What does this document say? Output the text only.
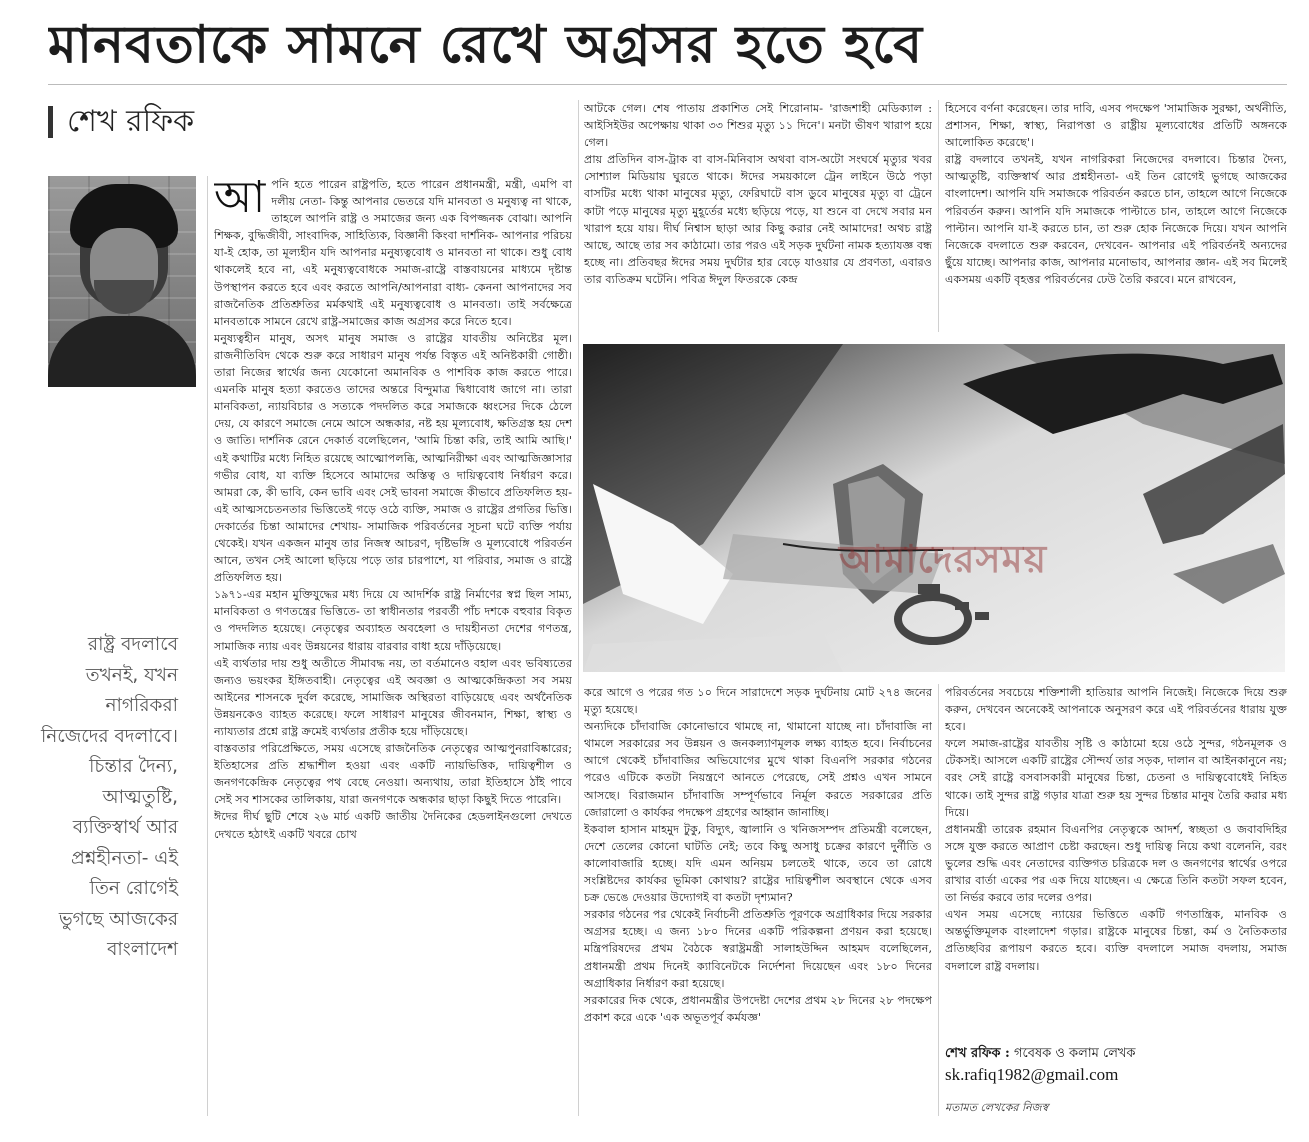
মানবতাকে সামনে রেখে অগ্রসর হতে হবে
শেখ রফিক
রাষ্ট্র বদলাবে তখনই, যখন নাগরিকরা নিজেদের বদলাবে। চিন্তার দৈন্য, আত্মতুষ্টি, ব্যক্তিস্বার্থ আর প্রশ্নহীনতা- এই তিন রোগেই ভুগছে আজকের বাংলাদেশ
আ পনি হতে পারেন রাষ্ট্রপতি, হতে পারেন প্রধানমন্ত্রী, মন্ত্রী, এমপি বা দলীয় নেতা- কিন্তু আপনার ভেতরে যদি মানবতা ও মনুষ্যত্ব না থাকে, তাহলে আপনি রাষ্ট্র ও সমাজের জন্য এক বিপজ্জনক বোঝা। আপনি শিক্ষক, বুদ্ধিজীবী, সাংবাদিক, সাহিত্যিক, বিজ্ঞানী কিংবা দার্শনিক- আপনার পরিচয় যা-ই হোক, তা মূল্যহীন যদি আপনার মনুষ্যত্ববোধ ও মানবতা না থাকে। শুধু বোধ থাকলেই হবে না, এই মনুষ্যত্ববোধকে সমাজ-রাষ্ট্রে বাস্তবায়নের মাধ্যমে দৃষ্টান্ত উপস্থাপন করতে হবে এবং করতে আপনি/আপনারা বাধ্য- কেননা আপনাদের সব রাজনৈতিক প্রতিশ্রুতির মর্মকথাই এই মনুষ্যত্ববোধ ও মানবতা। তাই সর্বক্ষেত্রে মানবতাকে সামনে রেখে রাষ্ট্র-সমাজের কাজ অগ্রসর করে নিতে হবে।

মনুষ্যত্বহীন মানুষ, অসৎ মানুষ সমাজ ও রাষ্ট্রের যাবতীয় অনিষ্টের মূল। রাজনীতিবিদ থেকে শুরু করে সাধারণ মানুষ পর্যন্ত বিস্তৃত এই অনিষ্টকারী গোষ্ঠী। তারা নিজের স্বার্থের জন্য যেকোনো অমানবিক ও পাশবিক কাজ করতে পারে। এমনকি মানুষ হত্যা করতেও তাদের অন্তরে বিন্দুমাত্র দ্বিধাবোধ জাগে না। তারা মানবিকতা, ন্যায়বিচার ও সত্যকে পদদলিত করে সমাজকে ধ্বংসের দিকে ঠেলে দেয়, যে কারণে সমাজে নেমে আসে অন্ধকার, নষ্ট হয় মূল্যবোধ, ক্ষতিগ্রস্ত হয় দেশ ও জাতি। দার্শনিক রেনে দেকার্ত বলেছিলেন, 'আমি চিন্তা করি, তাই আমি আছি।' এই কথাটির মধ্যে নিহিত রয়েছে আত্মোপলব্ধি, আত্মনিরীক্ষা এবং আত্মজিজ্ঞাসার গভীর বোধ, যা ব্যক্তি হিসেবে আমাদের অস্তিত্ব ও দায়িত্ববোধ নির্ধারণ করে। আমরা কে, কী ভাবি, কেন ভাবি এবং সেই ভাবনা সমাজে কীভাবে প্রতিফলিত হয়- এই আত্মসচেতনতার ভিত্তিতেই গড়ে ওঠে ব্যক্তি, সমাজ ও রাষ্ট্রের প্রগতির ভিত্তি। দেকার্তের চিন্তা আমাদের শেখায়- সামাজিক পরিবর্তনের সূচনা ঘটে ব্যক্তি পর্যায় থেকেই। যখন একজন মানুষ তার নিজস্ব আচরণ, দৃষ্টিভঙ্গি ও মূল্যবোধে পরিবর্তন আনে, তখন সেই আলো ছড়িয়ে পড়ে তার চারপাশে, যা পরিবার, সমাজ ও রাষ্ট্রে প্রতিফলিত হয়।

১৯৭১-এর মহান মুক্তিযুদ্ধের মধ্য দিয়ে যে আদর্শিক রাষ্ট্র নির্মাণের স্বপ্ন ছিল সাম্য, মানবিকতা ও গণতন্ত্রের ভিত্তিতে- তা স্বাধীনতার পরবর্তী পাঁচ দশকে বহুবার বিকৃত ও পদদলিত হয়েছে। নেতৃত্বের অব্যাহত অবহেলা ও দায়হীনতা দেশের গণতন্ত্র, সামাজিক ন্যায় এবং উন্নয়নের ধারায় বারবার বাধা হয়ে দাঁড়িয়েছে।

এই ব্যর্থতার দায় শুধু অতীতে সীমাবদ্ধ নয়, তা বর্তমানেও বহাল এবং ভবিষ্যতের জন্যও ভয়ংকর ইঙ্গিতবাহী। নেতৃত্বের এই অবজ্ঞা ও আত্মকেন্দ্রিকতা সব সময় আইনের শাসনকে দুর্বল করেছে, সামাজিক অস্থিরতা বাড়িয়েছে এবং অর্থনৈতিক উন্নয়নকেও ব্যাহত করেছে। ফলে সাধারণ মানুষের জীবনমান, শিক্ষা, স্বাস্থ্য ও ন্যায্যতার প্রশ্নে রাষ্ট্র ক্রমেই ব্যর্থতার প্রতীক হয়ে দাঁড়িয়েছে।

বাস্তবতার পরিপ্রেক্ষিতে, সময় এসেছে রাজনৈতিক নেতৃত্বের আত্মপুনরাবিষ্কারের; ইতিহাসের প্রতি শ্রদ্ধাশীল হওয়া এবং একটি ন্যায়ভিত্তিক, দায়িত্বশীল ও জনগণকেন্দ্রিক নেতৃত্বের পথ বেছে নেওয়া। অন্যথায়, তারা ইতিহাসে ঠাঁই পাবে সেই সব শাসকের তালিকায়, যারা জনগণকে অন্ধকার ছাড়া কিছুই দিতে পারেনি।

ঈদের দীর্ঘ ছুটি শেষে ২৬ মার্চ একটি জাতীয় দৈনিকের হেডলাইনগুলো দেখতে দেখতে হঠাৎই একটি খবরে চোখ

আটকে গেল। শেষ পাতায় প্রকাশিত সেই শিরোনাম- 'রাজশাহী মেডিক্যাল : আইসিইউর অপেক্ষায় থাকা ৩৩ শিশুর মৃত্যু ১১ দিনে'। মনটা ভীষণ খারাপ হয়ে গেল।

প্রায় প্রতিদিন বাস-ট্রাক বা বাস-মিনিবাস অথবা বাস-অটো সংঘর্ষে মৃত্যুর খবর সোশ্যাল মিডিয়ায় ঘুরতে থাকে। ঈদের সময়কালে ট্রেন লাইনে উঠে পড়া বাসটির মধ্যে থাকা মানুষের মৃত্যু, ফেরিঘাটে বাস ডুবে মানুষের মৃত্যু বা ট্রেনে কাটা পড়ে মানুষের মৃত্যু মুহূর্তের মধ্যে ছড়িয়ে পড়ে, যা শুনে বা দেখে সবার মন খারাপ হয়ে যায়। দীর্ঘ নিশ্বাস ছাড়া আর কিছু করার নেই আমাদের! অথচ রাষ্ট্র আছে, আছে তার সব কাঠামো। তার পরও এই সড়ক দুর্ঘটনা নামক হত্যাযজ্ঞ বন্ধ হচ্ছে না। প্রতিবছর ঈদের সময় দুর্ঘটার হার বেড়ে যাওয়ার যে প্রবণতা, এবারও তার ব্যতিক্রম ঘটেনি। পবিত্র ঈদুল ফিতরকে কেন্দ্র

হিসেবে বর্ণনা করেছেন। তার দাবি, এসব পদক্ষেপ 'সামাজিক সুরক্ষা, অর্থনীতি, প্রশাসন, শিক্ষা, স্বাস্থ্য, নিরাপত্তা ও রাষ্ট্রীয় মূল্যবোধের প্রতিটি অঙ্গনকে আলোকিত করেছে'।

রাষ্ট্র বদলাবে তখনই, যখন নাগরিকরা নিজেদের বদলাবে। চিন্তার দৈন্য, আত্মতুষ্টি, ব্যক্তিস্বার্থ আর প্রশ্নহীনতা- এই তিন রোগেই ভুগছে আজকের বাংলাদেশ। আপনি যদি সমাজকে পরিবর্তন করতে চান, তাহলে আগে নিজেকে পরিবর্তন করুন। আপনি যদি সমাজকে পাল্টাতে চান, তাহলে আগে নিজেকে পাল্টান। আপনি যা-ই করতে চান, তা শুরু হোক নিজেকে দিয়ে। যখন আপনি নিজেকে বদলাতে শুরু করবেন, দেখবেন- আপনার এই পরিবর্তনই অন্যদের ছুঁয়ে যাচ্ছে। আপনার কাজ, আপনার মনোভাব, আপনার জ্ঞান- এই সব মিলেই একসময় একটি বৃহত্তর পরিবর্তনের ঢেউ তৈরি করবে। মনে রাখবেন,

আমাদেরসময়

করে আগে ও পরের গত ১০ দিনে সারাদেশে সড়ক দুর্ঘটনায় মোট ২৭৪ জনের মৃত্যু হয়েছে।

অন্যদিকে চাঁদাবাজি কোনোভাবে থামছে না, থামানো যাচ্ছে না। চাঁদাবাজি না থামলে সরকারের সব উন্নয়ন ও জনকল্যাণমূলক লক্ষ্য ব্যাহত হবে। নির্বাচনের আগে থেকেই চাঁদাবাজির অভিযোগের মুখে থাকা বিএনপি সরকার গঠনের পরেও এটিকে কতটা নিয়ন্ত্রণে আনতে পেরেছে, সেই প্রশ্নও এখন সামনে আসছে। বিরাজমান চাঁদাবাজি সম্পূর্ণভাবে নির্মূল করতে সরকারের প্রতি জোরালো ও কার্যকর পদক্ষেপ গ্রহণের আহ্বান জানাচ্ছি।

ইকবাল হাসান মাহমুদ টুকু, বিদ্যুৎ, জ্বালানি ও খনিজসম্পদ প্রতিমন্ত্রী বলেছেন, দেশে তেলের কোনো ঘাটতি নেই; তবে কিছু অসাধু চক্রের কারণে দুর্নীতি ও কালোবাজারি হচ্ছে। যদি এমন অনিয়ম চলতেই থাকে, তবে তা রোধে সংশ্লিষ্টদের কার্যকর ভূমিকা কোথায়? রাষ্ট্রের দায়িত্বশীল অবস্থানে থেকে এসব চক্র ভেঙে দেওয়ার উদ্যোগই বা কতটা দৃশ্যমান?

সরকার গঠনের পর থেকেই নির্বাচনী প্রতিশ্রুতি পূরণকে অগ্রাধিকার দিয়ে সরকার অগ্রসর হচ্ছে। এ জন্য ১৮০ দিনের একটি পরিকল্পনা প্রণয়ন করা হয়েছে। মন্ত্রিপরিষদের প্রথম বৈঠকে স্বরাষ্ট্রমন্ত্রী সালাহউদ্দিন আহমদ বলেছিলেন, প্রধানমন্ত্রী প্রথম দিনেই ক্যাবিনেটকে নির্দেশনা দিয়েছেন এবং ১৮০ দিনের অগ্রাধিকার নির্ধারণ করা হয়েছে।

সরকারের দিক থেকে, প্রধানমন্ত্রীর উপদেষ্টা দেশের প্রথম ২৮ দিনের ২৮ পদক্ষেপ প্রকাশ করে একে 'এক অভূতপূর্ব কর্মযজ্ঞ'

পরিবর্তনের সবচেয়ে শক্তিশালী হাতিয়ার আপনি নিজেই। নিজেকে দিয়ে শুরু করুন, দেখবেন অনেকেই আপনাকে অনুসরণ করে এই পরিবর্তনের ধারায় যুক্ত হবে।

ফলে সমাজ-রাষ্ট্রের যাবতীয় সৃষ্টি ও কাঠামো হয়ে ওঠে সুন্দর, গঠনমূলক ও টেকসই। আসলে একটি রাষ্ট্রের সৌন্দর্য তার সড়ক, দালান বা আইনকানুনে নয়; বরং সেই রাষ্ট্রে বসবাসকারী মানুষের চিন্তা, চেতনা ও দায়িত্ববোধেই নিহিত থাকে। তাই সুন্দর রাষ্ট্র গড়ার যাত্রা শুরু হয় সুন্দর চিন্তার মানুষ তৈরি করার মধ্য দিয়ে।

প্রধানমন্ত্রী তারেক রহমান বিএনপির নেতৃত্বকে আদর্শ, স্বচ্ছতা ও জবাবদিহির সঙ্গে যুক্ত করতে আপ্রাণ চেষ্টা করছেন। শুধু দায়িত্ব নিয়ে কথা বলেননি, বরং ভুলের শুদ্ধি এবং নেতাদের ব্যক্তিগত চরিত্রকে দল ও জনগণের স্বার্থের ওপরে রাখার বার্তা একের পর এক দিয়ে যাচ্ছেন। এ ক্ষেত্রে তিনি কতটা সফল হবেন, তা নির্ভর করবে তার দলের ওপর।

এখন সময় এসেছে ন্যায়ের ভিত্তিতে একটি গণতান্ত্রিক, মানবিক ও অন্তর্ভুক্তিমূলক বাংলাদেশ গড়ার। রাষ্ট্রকে মানুষের চিন্তা, কর্ম ও নৈতিকতার প্রতিচ্ছবির রূপায়ণ করতে হবে। ব্যক্তি বদলালে সমাজ বদলায়, সমাজ বদলালে রাষ্ট্র বদলায়।

শেখ রফিক : গবেষক ও কলাম লেখক
sk.rafiq1982@gmail.com
মতামত লেখকের নিজস্ব
